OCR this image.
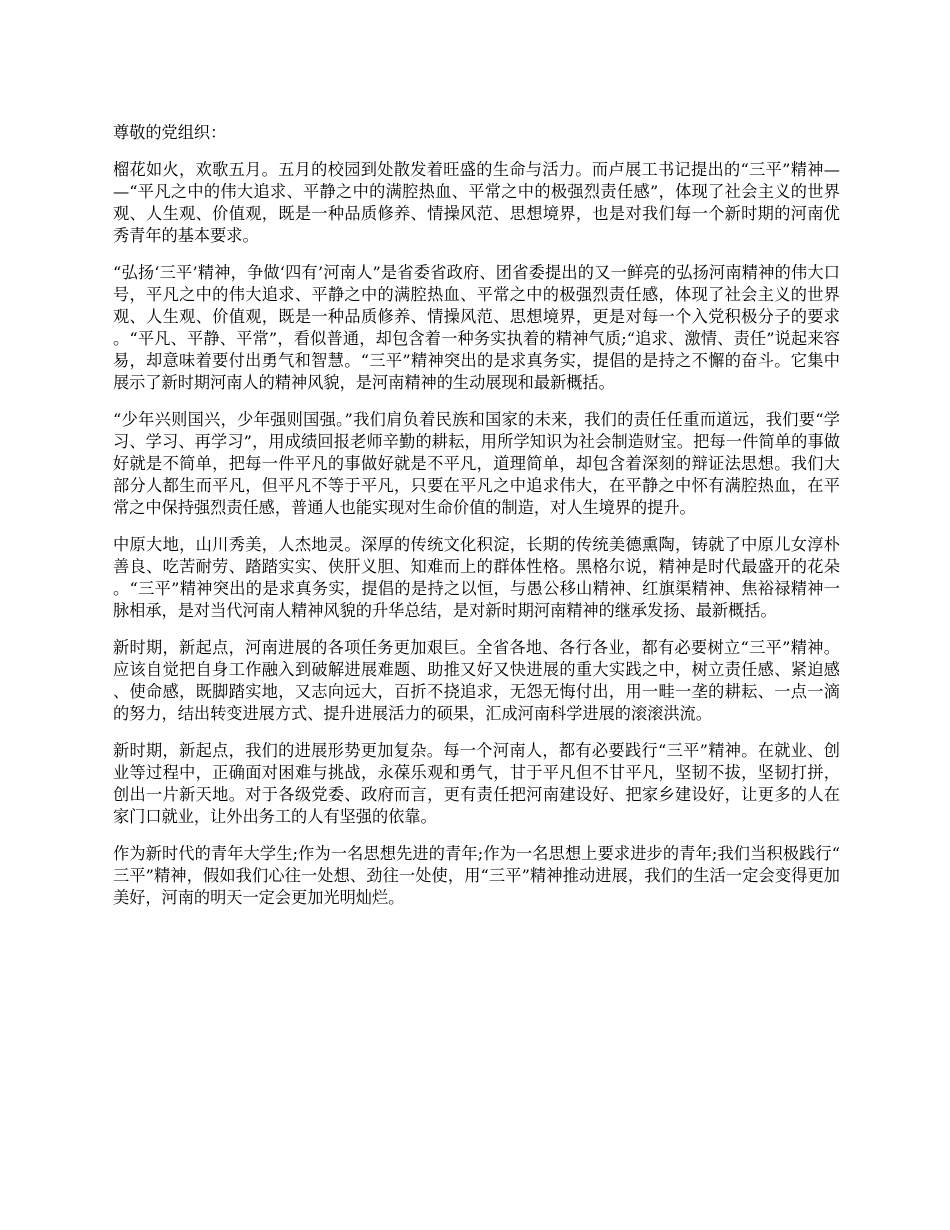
尊敬的党组织：

榴花如火，欢歌五月。五月的校园到处散发着旺盛的生命与活力。而卢展工书记提出的“三平”精神——“平凡之中的伟大追求、平静之中的满腔热血、平常之中的极强烈责任感”，体现了社会主义的世界观、人生观、价值观，既是一种品质修养、情操风范、思想境界，也是对我们每一个新时期的河南优秀青年的基本要求。

“弘扬‘三平’精神，争做‘四有’河南人”是省委省政府、团省委提出的又一鲜亮的弘扬河南精神的伟大口号，平凡之中的伟大追求、平静之中的满腔热血、平常之中的极强烈责任感，体现了社会主义的世界观、人生观、价值观，既是一种品质修养、情操风范、思想境界，更是对每一个入党积极分子的要求。“平凡、平静、平常”，看似普通，却包含着一种务实执着的精神气质;“追求、激情、责任”说起来容易，却意味着要付出勇气和智慧。“三平”精神突出的是求真务实，提倡的是持之不懈的奋斗。它集中展示了新时期河南人的精神风貌，是河南精神的生动展现和最新概括。

“少年兴则国兴，少年强则国强。”我们肩负着民族和国家的未来，我们的责任任重而道远，我们要“学习、学习、再学习”，用成绩回报老师辛勤的耕耘，用所学知识为社会制造财宝。把每一件简单的事做好就是不简单，把每一件平凡的事做好就是不平凡，道理简单，却包含着深刻的辩证法思想。我们大部分人都生而平凡，但平凡不等于平凡，只要在平凡之中追求伟大，在平静之中怀有满腔热血，在平常之中保持强烈责任感，普通人也能实现对生命价值的制造，对人生境界的提升。

中原大地，山川秀美，人杰地灵。深厚的传统文化积淀，长期的传统美德熏陶，铸就了中原儿女淳朴善良、吃苦耐劳、踏踏实实、侠肝义胆、知难而上的群体性格。黑格尔说，精神是时代最盛开的花朵。“三平”精神突出的是求真务实，提倡的是持之以恒，与愚公移山精神、红旗渠精神、焦裕禄精神一脉相承，是对当代河南人精神风貌的升华总结，是对新时期河南精神的继承发扬、最新概括。

新时期，新起点，河南进展的各项任务更加艰巨。全省各地、各行各业，都有必要树立“三平”精神。应该自觉把自身工作融入到破解进展难题、助推又好又快进展的重大实践之中，树立责任感、紧迫感、使命感，既脚踏实地，又志向远大，百折不挠追求，无怨无悔付出，用一畦一垄的耕耘、一点一滴的努力，结出转变进展方式、提升进展活力的硕果，汇成河南科学进展的滚滚洪流。

新时期，新起点，我们的进展形势更加复杂。每一个河南人，都有必要践行“三平”精神。在就业、创业等过程中，正确面对困难与挑战，永葆乐观和勇气，甘于平凡但不甘平凡，坚韧不拔，坚韧打拼，创出一片新天地。对于各级党委、政府而言，更有责任把河南建设好、把家乡建设好，让更多的人在家门口就业，让外出务工的人有坚强的依靠。

作为新时代的青年大学生;作为一名思想先进的青年;作为一名思想上要求进步的青年;我们当积极践行“三平”精神，假如我们心往一处想、劲往一处使，用“三平”精神推动进展，我们的生活一定会变得更加美好，河南的明天一定会更加光明灿烂。
